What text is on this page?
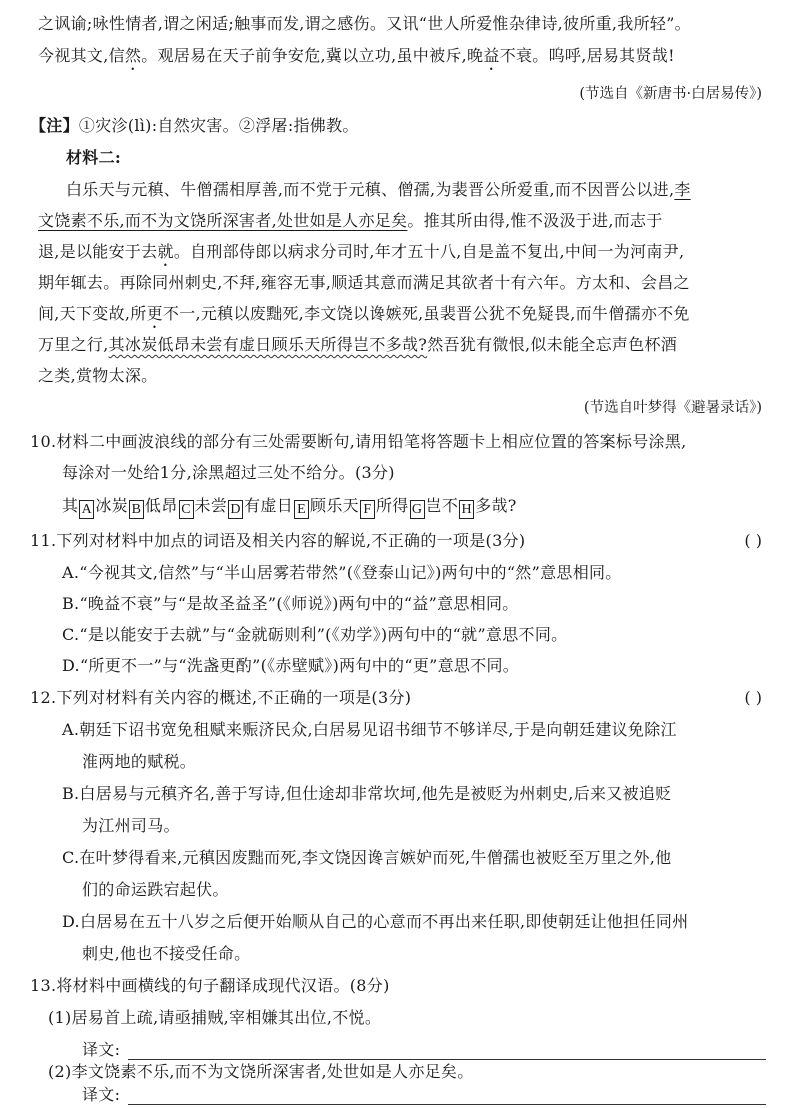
之讽谕;咏性情者,谓之闲适;触事而发,谓之感伤。又讯“世人所爱惟杂律诗,彼所重,我所轻”。
今视其文,信然。观居易在天子前争安危,冀以立功,虽中被斥,晚益不衰。呜呼,居易其贤哉!
(节选自《新唐书·白居易传》)
【注】①灾沴(lì):自然灾害。②浮屠:指佛教。
材料二:
白乐天与元稹、牛僧孺相厚善,而不党于元稹、僧孺,为裴晋公所爱重,而不因晋公以进,李
文饶素不乐,而不为文饶所深害者,处世如是人亦足矣。推其所由得,惟不汲汲于进,而志于
退,是以能安于去就。自刑部侍郎以病求分司时,年才五十八,自是盖不复出,中间一为河南尹,
期年辄去。再除同州刺史,不拜,雍容无事,顺适其意而满足其欲者十有六年。方太和、会昌之
间,天下变故,所更不一,元稹以废黜死,李文饶以谗嫉死,虽裴晋公犹不免疑畏,而牛僧孺亦不免
万里之行,其冰炭低昂未尝有虚日顾乐天所得岂不多哉?然吾犹有微恨,似未能全忘声色杯酒
之类,赏物太深。
(节选自叶梦得《避暑录话》)
10.材料二中画波浪线的部分有三处需要断句,请用铅笔将答题卡上相应位置的答案标号涂黑,
每涂对一处给1分,涂黑超过三处不给分。(3分)
其 A 冰炭 B 低昂 C 未尝 D 有虚日 E 顾乐天 F 所得 G 岂不 H 多哉?
11.下列对材料中加点的词语及相关内容的解说,不正确的一项是(3分)	( )
A.“今视其文,信然”与“半山居雾若带然”(《登泰山记》)两句中的“然”意思相同。
B.“晚益不衰”与“是故圣益圣”(《师说》)两句中的“益”意思相同。
C.“是以能安于去就”与“金就砺则利”(《劝学》)两句中的“就”意思不同。
D.“所更不一”与“洗盏更酌”(《赤壁赋》)两句中的“更”意思不同。
12.下列对材料有关内容的概述,不正确的一项是(3分)	( )
A.朝廷下诏书宽免租赋来赈济民众,白居易见诏书细节不够详尽,于是向朝廷建议免除江
淮两地的赋税。
B.白居易与元稹齐名,善于写诗,但仕途却非常坎坷,他先是被贬为州刺史,后来又被追贬
为江州司马。
C.在叶梦得看来,元稹因废黜而死,李文饶因谗言嫉妒而死,牛僧孺也被贬至万里之外,他
们的命运跌宕起伏。
D.白居易在五十八岁之后便开始顺从自己的心意而不再出来任职,即使朝廷让他担任同州
刺史,他也不接受任命。
13.将材料中画横线的句子翻译成现代汉语。(8分)
(1)居易首上疏,请亟捕贼,宰相嫌其出位,不悦。
译文:
(2)李文饶素不乐,而不为文饶所深害者,处世如是人亦足矣。
译文:
